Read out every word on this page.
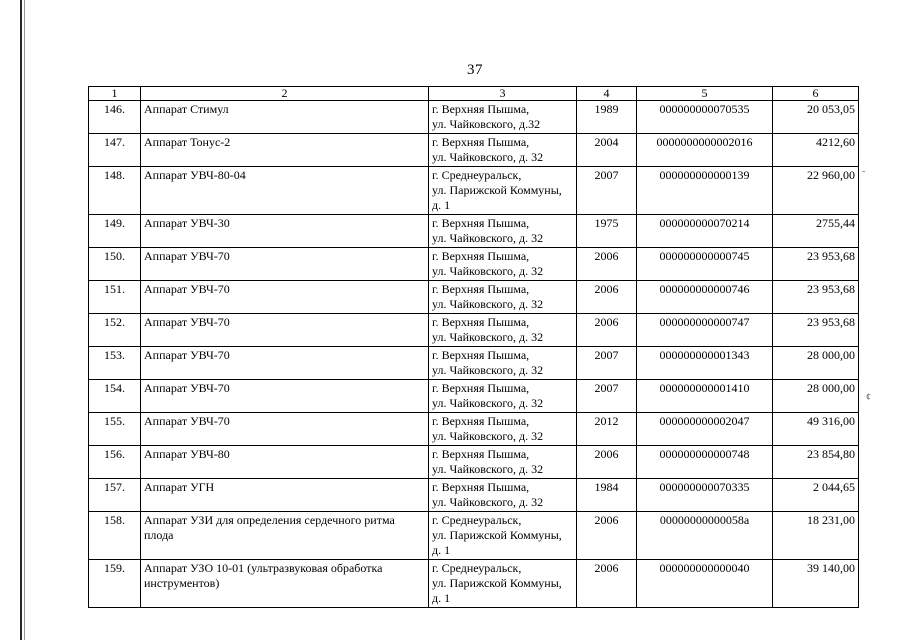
37
1	2	3	4	5	6
146.	Аппарат Стимул	г. Верхняя Пышма,
ул. Чайковского, д.32	1989	000000000070535	20 053,05
147.	Аппарат Тонус-2	г. Верхняя Пышма,
ул. Чайковского, д. 32	2004	0000000000002016	4212,60
148.	Аппарат УВЧ-80-04	г. Среднеуральск,
ул. Парижской Коммуны,
д. 1	2007	000000000000139	22 960,00
149.	Аппарат УВЧ-30	г. Верхняя Пышма,
ул. Чайковского, д. 32	1975	000000000070214	2755,44
150.	Аппарат УВЧ-70	г. Верхняя Пышма,
ул. Чайковского, д. 32	2006	000000000000745	23 953,68
151.	Аппарат УВЧ-70	г. Верхняя Пышма,
ул. Чайковского, д. 32	2006	000000000000746	23 953,68
152.	Аппарат УВЧ-70	г. Верхняя Пышма,
ул. Чайковского, д. 32	2006	000000000000747	23 953,68
153.	Аппарат УВЧ-70	г. Верхняя Пышма,
ул. Чайковского, д. 32	2007	000000000001343	28 000,00
154.	Аппарат УВЧ-70	г. Верхняя Пышма,
ул. Чайковского, д. 32	2007	000000000001410	28 000,00
155.	Аппарат УВЧ-70	г. Верхняя Пышма,
ул. Чайковского, д. 32	2012	000000000002047	49 316,00
156.	Аппарат УВЧ-80	г. Верхняя Пышма,
ул. Чайковского, д. 32	2006	000000000000748	23 854,80
157.	Аппарат УГН	г. Верхняя Пышма,
ул. Чайковского, д. 32	1984	000000000070335	2 044,65
158.	Аппарат УЗИ для определения сердечного ритма плода	г. Среднеуральск,
ул. Парижской Коммуны,
д. 1	2006	00000000000058а	18 231,00
159.	Аппарат УЗО 10-01 (ультразвуковая обработка инструментов)	г. Среднеуральск,
ул. Парижской Коммуны,
д. 1	2006	000000000000040	39 140,00
˜
¢
